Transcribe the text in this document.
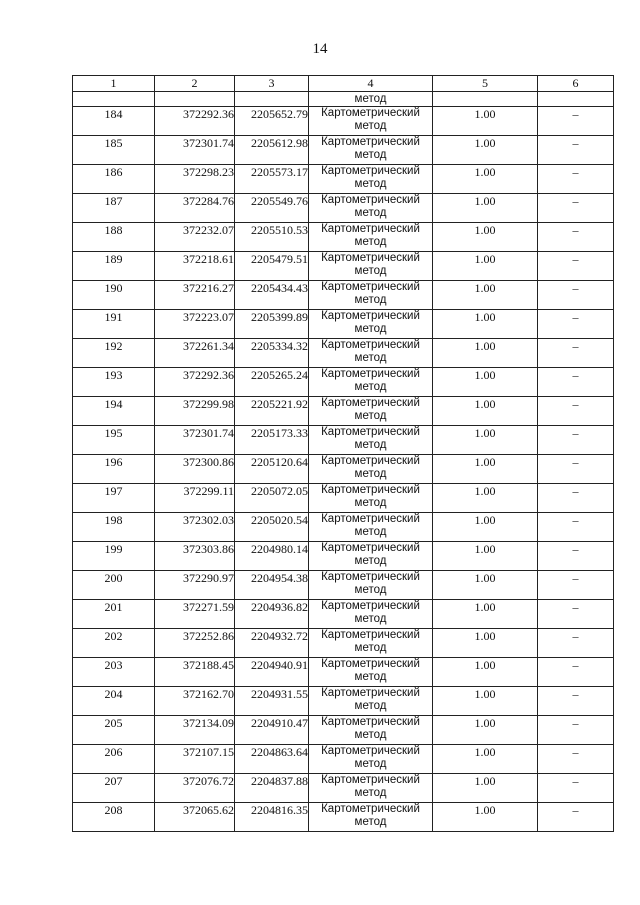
14
1	2	3	4	5	6
			метод		
184	372292.36	2205652.79	Картометрический метод	1.00	–
185	372301.74	2205612.98	Картометрический метод	1.00	–
186	372298.23	2205573.17	Картометрический метод	1.00	–
187	372284.76	2205549.76	Картометрический метод	1.00	–
188	372232.07	2205510.53	Картометрический метод	1.00	–
189	372218.61	2205479.51	Картометрический метод	1.00	–
190	372216.27	2205434.43	Картометрический метод	1.00	–
191	372223.07	2205399.89	Картометрический метод	1.00	–
192	372261.34	2205334.32	Картометрический метод	1.00	–
193	372292.36	2205265.24	Картометрический метод	1.00	–
194	372299.98	2205221.92	Картометрический метод	1.00	–
195	372301.74	2205173.33	Картометрический метод	1.00	–
196	372300.86	2205120.64	Картометрический метод	1.00	–
197	372299.11	2205072.05	Картометрический метод	1.00	–
198	372302.03	2205020.54	Картометрический метод	1.00	–
199	372303.86	2204980.14	Картометрический метод	1.00	–
200	372290.97	2204954.38	Картометрический метод	1.00	–
201	372271.59	2204936.82	Картометрический метод	1.00	–
202	372252.86	2204932.72	Картометрический метод	1.00	–
203	372188.45	2204940.91	Картометрический метод	1.00	–
204	372162.70	2204931.55	Картометрический метод	1.00	–
205	372134.09	2204910.47	Картометрический метод	1.00	–
206	372107.15	2204863.64	Картометрический метод	1.00	–
207	372076.72	2204837.88	Картометрический метод	1.00	–
208	372065.62	2204816.35	Картометрический метод	1.00	–
